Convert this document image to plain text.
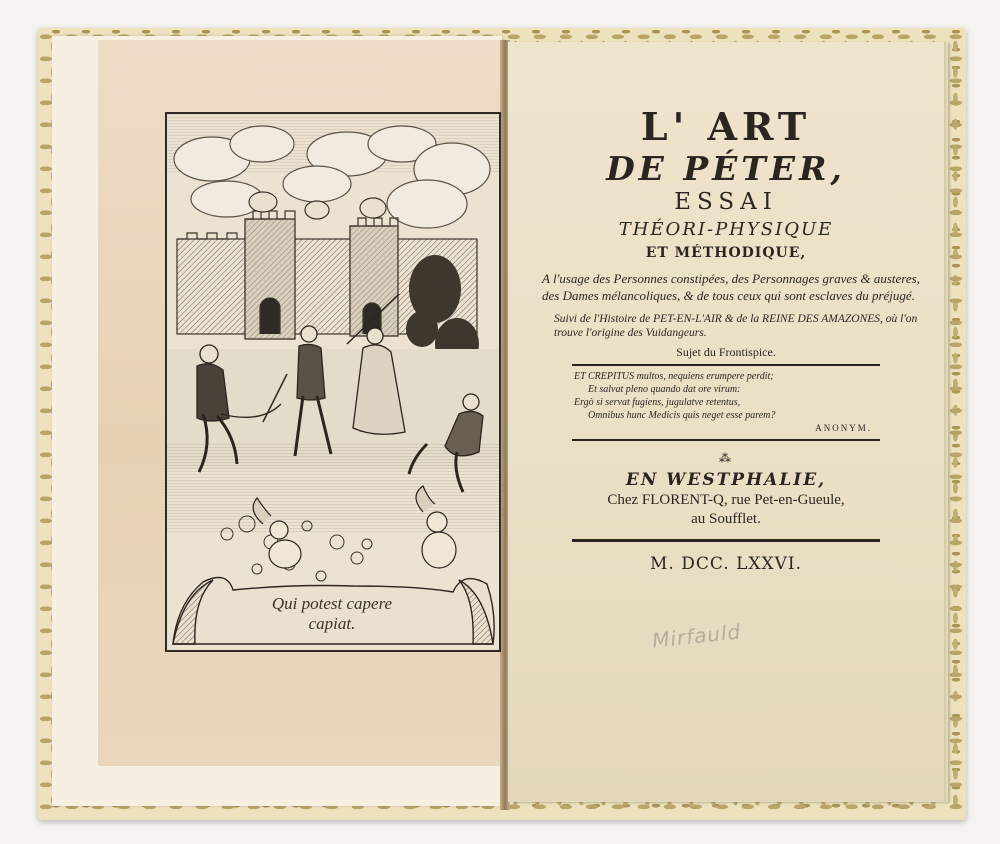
Qui potest capere
capiat.
L' ART
DE PÉTER,
ESSAI
THÉORI-PHYSIQUE
ET MÉTHODIQUE,
A l'usage des Personnes constipées, des Personnages graves & austeres, des Dames mélancoliques, & de tous ceux qui sont esclaves du préjugé.
Suivi de l'Histoire de PET-EN-L'AIR & de la REINE DES AMAZONES, où l'on trouve l'origine des Vuidangeurs.
Sujet du Frontispice.
ET CREPITUS multos, nequiens erumpere perdit;
Et salvat pleno quando dat ore virum:
Ergò si servat fugiens, jugulatve retentus,
Omnibus hunc Medicis quis neget esse parem?
ANONYM.
⁂
EN WESTPHALIE,
Chez FLORENT-Q, rue Pet-en-Gueule,
au Soufflet.
M. DCC. LXXVI.
Mirfauld
